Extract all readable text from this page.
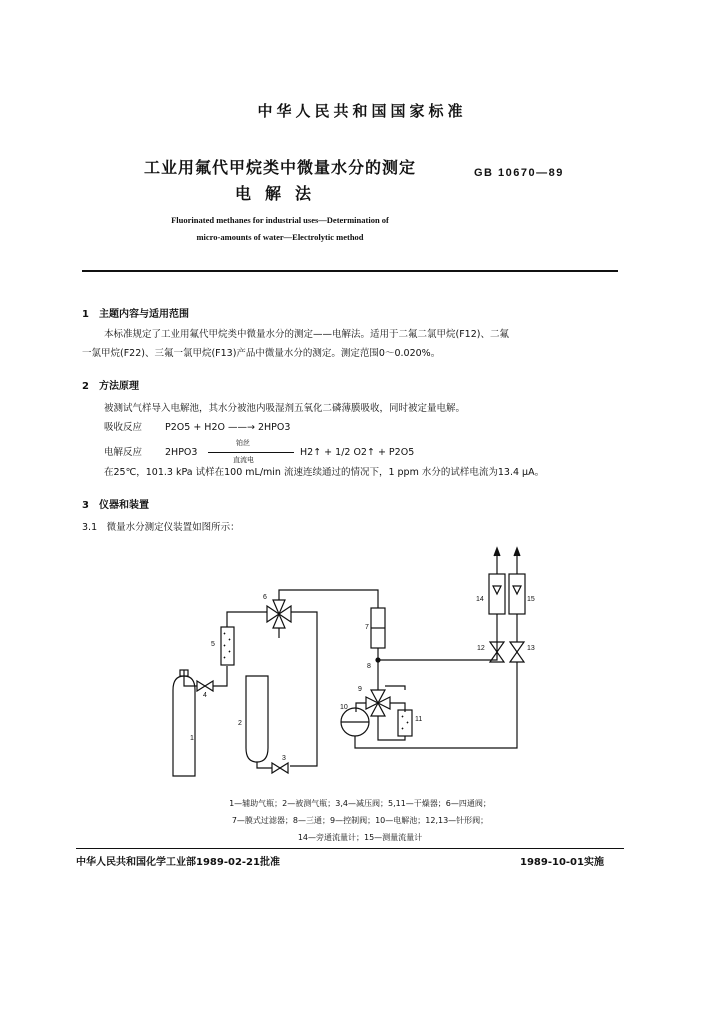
中华人民共和国国家标准
工业用氟代甲烷类中微量水分的测定
电解法
GB 10670—89
Fluorinated methanes for industrial uses—Determination of
micro-amounts of water—Electrolytic method
1　主题内容与适用范围
本标准规定了工业用氟代甲烷类中微量水分的测定——电解法。适用于二氟二氯甲烷(F12)、二氟
一氯甲烷(F22)、三氟一氯甲烷(F13)产品中微量水分的测定。测定范围0～0.020%。
2　方法原理
被测试气样导入电解池，其水分被池内吸湿剂五氧化二磷薄膜吸收，同时被定量电解。
吸收反应 P2O5 + H2O ——→ 2HPO3
电解反应 2HPO3
铂丝
直流电
H2↑ + 1/2 O2↑ + P2O5
在25℃，101.3 kPa 试样在100 mL/min 流速连续通过的情况下，1 ppm 水分的试样电流为13.4 μA。
3　仪器和装置
3.1　微量水分测定仪装置如图所示：
1
2
3
4
5
6
7
8
9
10
11
12	13
14	15
1—辅助气瓶；2—被测气瓶；3,4—减压阀；5,11—干燥器；6—四通阀；
7—膜式过滤器；8—三通；9—控制阀；10—电解池；12,13—针形阀；
14—旁通流量计；15—测量流量计
中华人民共和国化学工业部1989-02-21批准	1989-10-01实施
